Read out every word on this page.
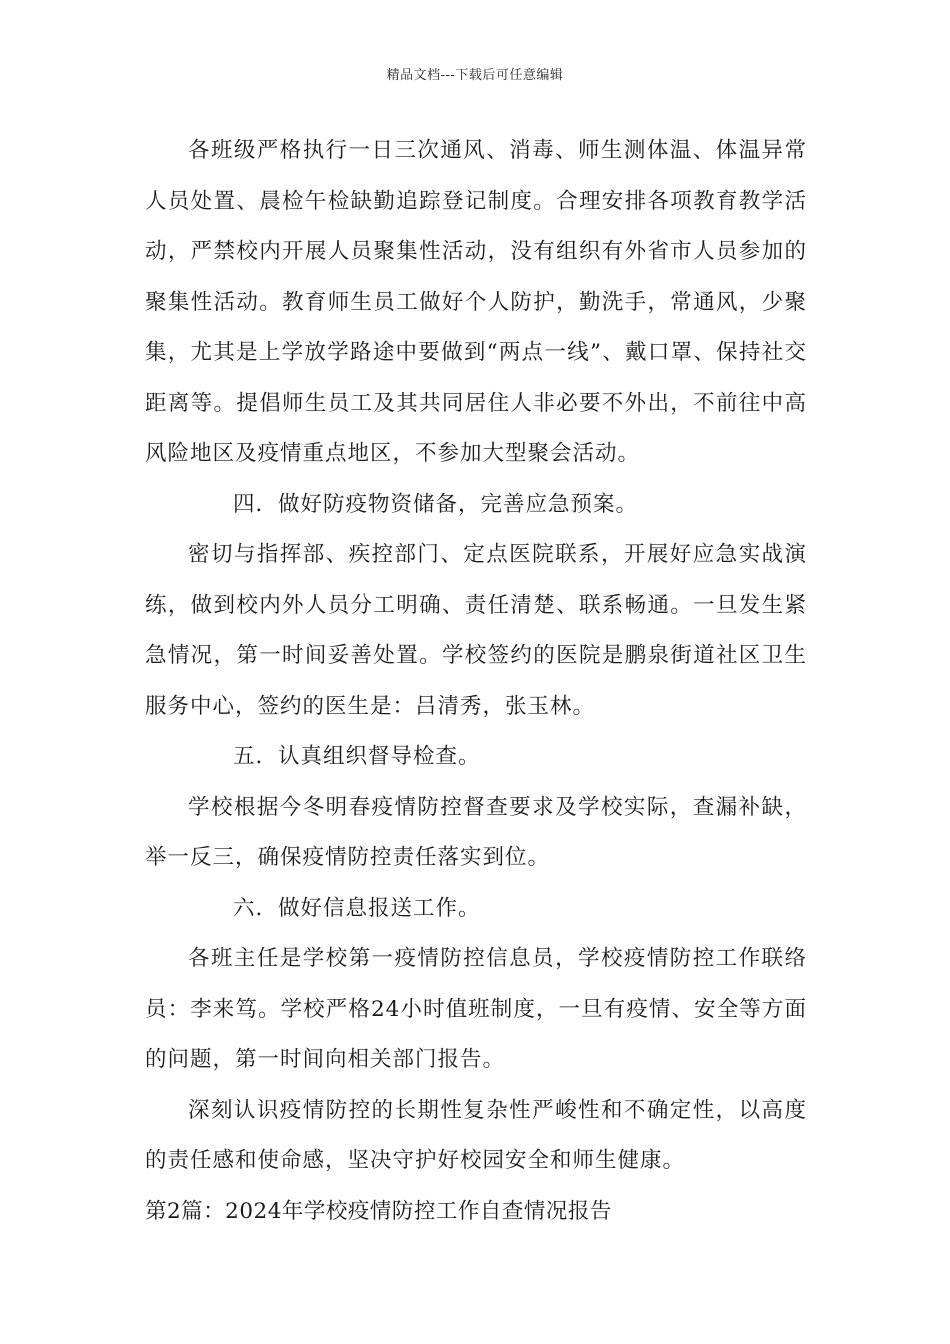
精品文档---下载后可任意编辑

各班级严格执行一日三次通风、消毒、师生测体温、体温异常人员处置、晨检午检缺勤追踪登记制度。合理安排各项教育教学活动，严禁校内开展人员聚集性活动，没有组织有外省市人员参加的聚集性活动。教育师生员工做好个人防护，勤洗手，常通风，少聚集，尤其是上学放学路途中要做到“两点一线”、戴口罩、保持社交距离等。提倡师生员工及其共同居住人非必要不外出，不前往中高风险地区及疫情重点地区，不参加大型聚会活动。

四．做好防疫物资储备，完善应急预案。

密切与指挥部、疾控部门、定点医院联系，开展好应急实战演练，做到校内外人员分工明确、责任清楚、联系畅通。一旦发生紧急情况，第一时间妥善处置。学校签约的医院是鹏泉街道社区卫生服务中心，签约的医生是：吕清秀，张玉林。

五．认真组织督导检查。

学校根据今冬明春疫情防控督查要求及学校实际，查漏补缺，举一反三，确保疫情防控责任落实到位。

六．做好信息报送工作。

各班主任是学校第一疫情防控信息员，学校疫情防控工作联络员：李来笃。学校严格24小时值班制度，一旦有疫情、安全等方面的问题，第一时间向相关部门报告。

深刻认识疫情防控的长期性复杂性严峻性和不确定性，以高度的责任感和使命感，坚决守护好校园安全和师生健康。

第2篇：2024年学校疫情防控工作自查情况报告
